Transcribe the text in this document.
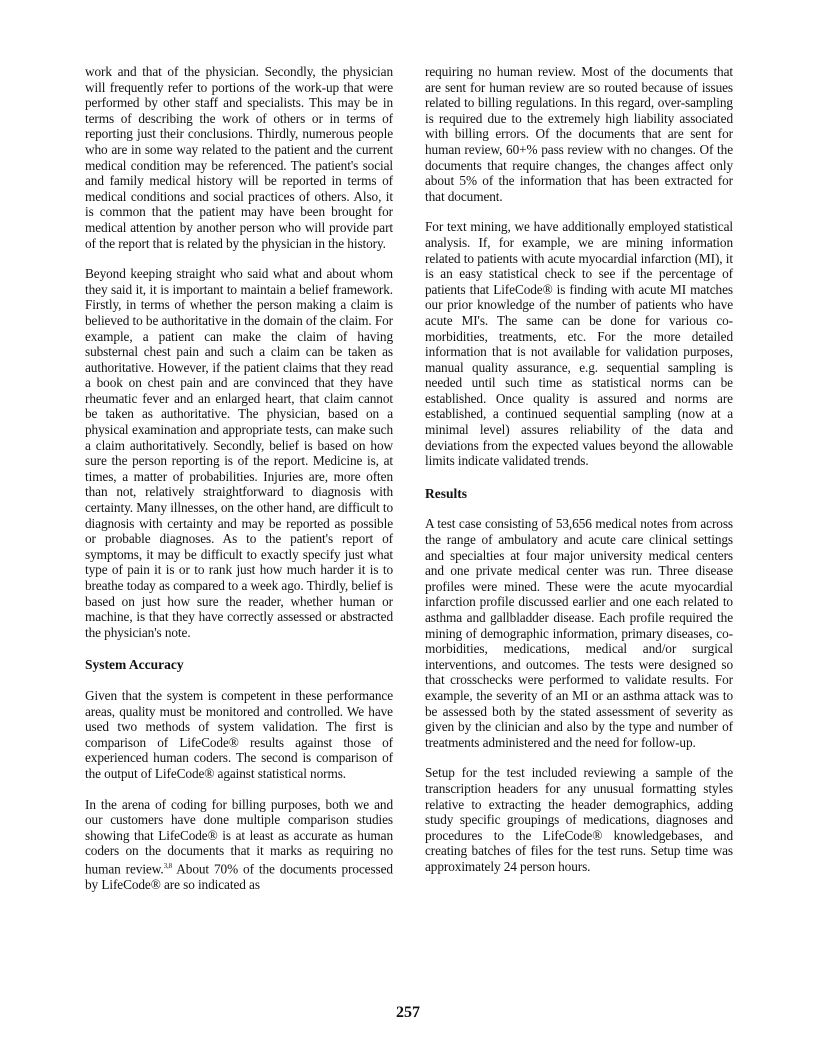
work and that of the physician. Secondly, the physician will frequently refer to portions of the work-up that were performed by other staff and specialists. This may be in terms of describing the work of others or in terms of reporting just their conclusions. Thirdly, numerous people who are in some way related to the patient and the current medical condition may be referenced. The patient's social and family medical history will be reported in terms of medical conditions and social practices of others. Also, it is common that the patient may have been brought for medical attention by another person who will provide part of the report that is related by the physician in the history.

Beyond keeping straight who said what and about whom they said it, it is important to maintain a belief framework. Firstly, in terms of whether the person making a claim is believed to be authoritative in the domain of the claim. For example, a patient can make the claim of having substernal chest pain and such a claim can be taken as authoritative. However, if the patient claims that they read a book on chest pain and are convinced that they have rheumatic fever and an enlarged heart, that claim cannot be taken as authoritative. The physician, based on a physical examination and appropriate tests, can make such a claim authoritatively. Secondly, belief is based on how sure the person reporting is of the report. Medicine is, at times, a matter of probabilities. Injuries are, more often than not, relatively straightforward to diagnosis with certainty. Many illnesses, on the other hand, are difficult to diagnosis with certainty and may be reported as possible or probable diagnoses. As to the patient's report of symptoms, it may be difficult to exactly specify just what type of pain it is or to rank just how much harder it is to breathe today as compared to a week ago. Thirdly, belief is based on just how sure the reader, whether human or machine, is that they have correctly assessed or abstracted the physician's note.

System Accuracy

Given that the system is competent in these performance areas, quality must be monitored and controlled. We have used two methods of system validation. The first is comparison of LifeCode® results against those of experienced human coders. The second is comparison of the output of LifeCode® against statistical norms.

In the arena of coding for billing purposes, both we and our customers have done multiple comparison studies showing that LifeCode® is at least as accurate as human coders on the documents that it marks as requiring no human review.$^{3,8}$ About 70% of the documents processed by LifeCode® are so indicated as

requiring no human review. Most of the documents that are sent for human review are so routed because of issues related to billing regulations. In this regard, over-sampling is required due to the extremely high liability associated with billing errors. Of the documents that are sent for human review, 60+% pass review with no changes. Of the documents that require changes, the changes affect only about 5% of the information that has been extracted for that document.

For text mining, we have additionally employed statistical analysis. If, for example, we are mining information related to patients with acute myocardial infarction (MI), it is an easy statistical check to see if the percentage of patients that LifeCode® is finding with acute MI matches our prior knowledge of the number of patients who have acute MI's. The same can be done for various co-morbidities, treatments, etc. For the more detailed information that is not available for validation purposes, manual quality assurance, e.g. sequential sampling is needed until such time as statistical norms can be established. Once quality is assured and norms are established, a continued sequential sampling (now at a minimal level) assures reliability of the data and deviations from the expected values beyond the allowable limits indicate validated trends.

Results

A test case consisting of 53,656 medical notes from across the range of ambulatory and acute care clinical settings and specialties at four major university medical centers and one private medical center was run. Three disease profiles were mined. These were the acute myocardial infarction profile discussed earlier and one each related to asthma and gallbladder disease. Each profile required the mining of demographic information, primary diseases, co-morbidities, medications, medical and/or surgical interventions, and outcomes. The tests were designed so that crosschecks were performed to validate results. For example, the severity of an MI or an asthma attack was to be assessed both by the stated assessment of severity as given by the clinician and also by the type and number of treatments administered and the need for follow-up.

Setup for the test included reviewing a sample of the transcription headers for any unusual formatting styles relative to extracting the header demographics, adding study specific groupings of medications, diagnoses and procedures to the LifeCode® knowledgebases, and creating batches of files for the test runs. Setup time was approximately 24 person hours.

257
